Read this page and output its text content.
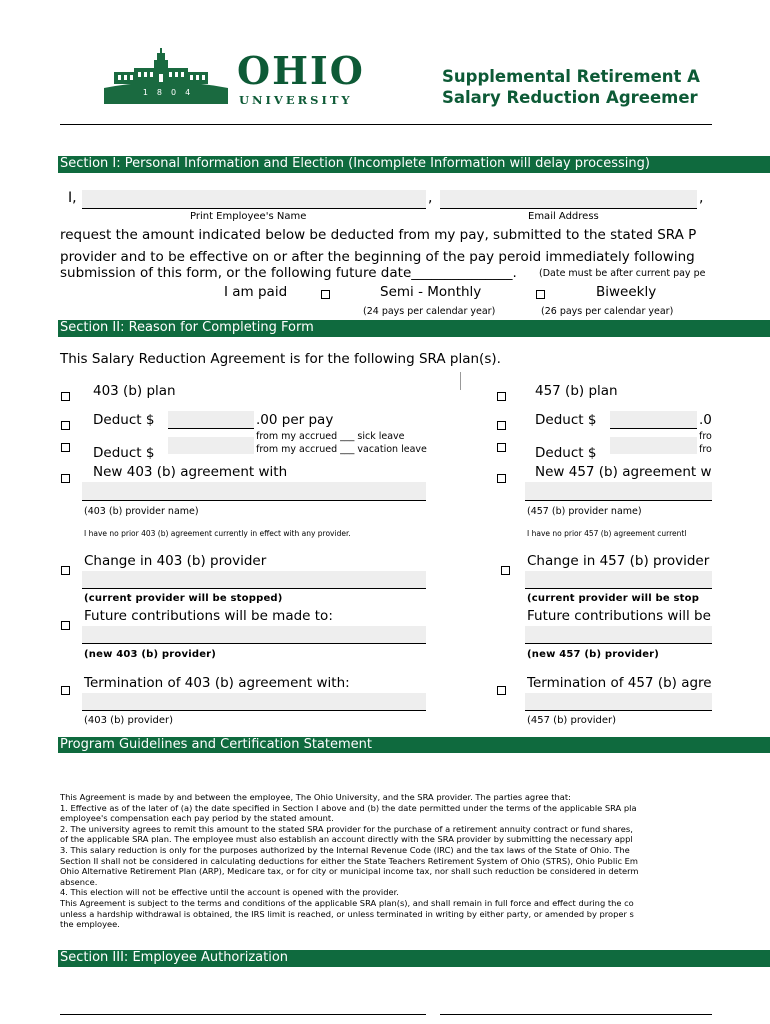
1804 OHIO
UNIVERSITY
Supplemental Retirement A
Salary Reduction Agreemer
Section I: Personal Information and Election (Incomplete Information will delay processing)
I,	,	,
Print Employee's Name	Email Address
request the amount indicated below be deducted from my pay, submitted to the stated SRA P
provider and to be effective on or after the beginning of the pay peroid immediately following
submission of this form, or the following future date_______________. (Date must be after current pay pe
I am paid	Semi - Monthly	Biweekly
(24 pays per calendar year)	(26 pays per calendar year)
Section II: Reason for Completing Form
This Salary Reduction Agreement is for the following SRA plan(s).
403 (b) plan
Deduct $	.00 per pay
Deduct $
from my accrued ___ sick leave
from my accrued ___ vacation leave
New 403 (b) agreement with
(403 (b) provider name)
I have no prior 403 (b) agreement currently in effect with any provider.
Change in 403 (b) provider
(current provider will be stopped)
Future contributions will be made to:
(new 403 (b) provider)
Termination of 403 (b) agreement with:
(403 (b) provider)
457 (b) plan
Deduct $	.0
Deduct $
fro
fro
New 457 (b) agreement w
(457 (b) provider name)
I have no prior 457 (b) agreement currentl
Change in 457 (b) provider
(current provider will be stop
Future contributions will be
(new 457 (b) provider)
Termination of 457 (b) agre
(457 (b) provider)
Program Guidelines and Certification Statement
This Agreement is made by and between the employee, The Ohio University, and the SRA provider. The parties agree that:
1. Effective as of the later of (a) the date specified in Section I above and (b) the date permitted under the terms of the applicable SRA pla
employee's compensation each pay period by the stated amount.
2. The university agrees to remit this amount to the stated SRA provider for the purchase of a retirement annuity contract or fund shares,
of the applicable SRA plan. The employee must also establish an account directly with the SRA provider by submitting the necessary appl
3. This salary reduction is only for the purposes authorized by the Internal Revenue Code (IRC) and the tax laws of the State of Ohio. The
Section II shall not be considered in calculating deductions for either the State Teachers Retirement System of Ohio (STRS), Ohio Public Em
Ohio Alternative Retirement Plan (ARP), Medicare tax, or for city or municipal income tax, nor shall such reduction be considered in determ
absence.
4. This election will not be effective until the account is opened with the provider.
This Agreement is subject to the terms and conditions of the applicable SRA plan(s), and shall remain in full force and effect during the co
unless a hardship withdrawal is obtained, the IRS limit is reached, or unless terminated in writing by either party, or amended by proper s
the employee.
Section III: Employee Authorization
